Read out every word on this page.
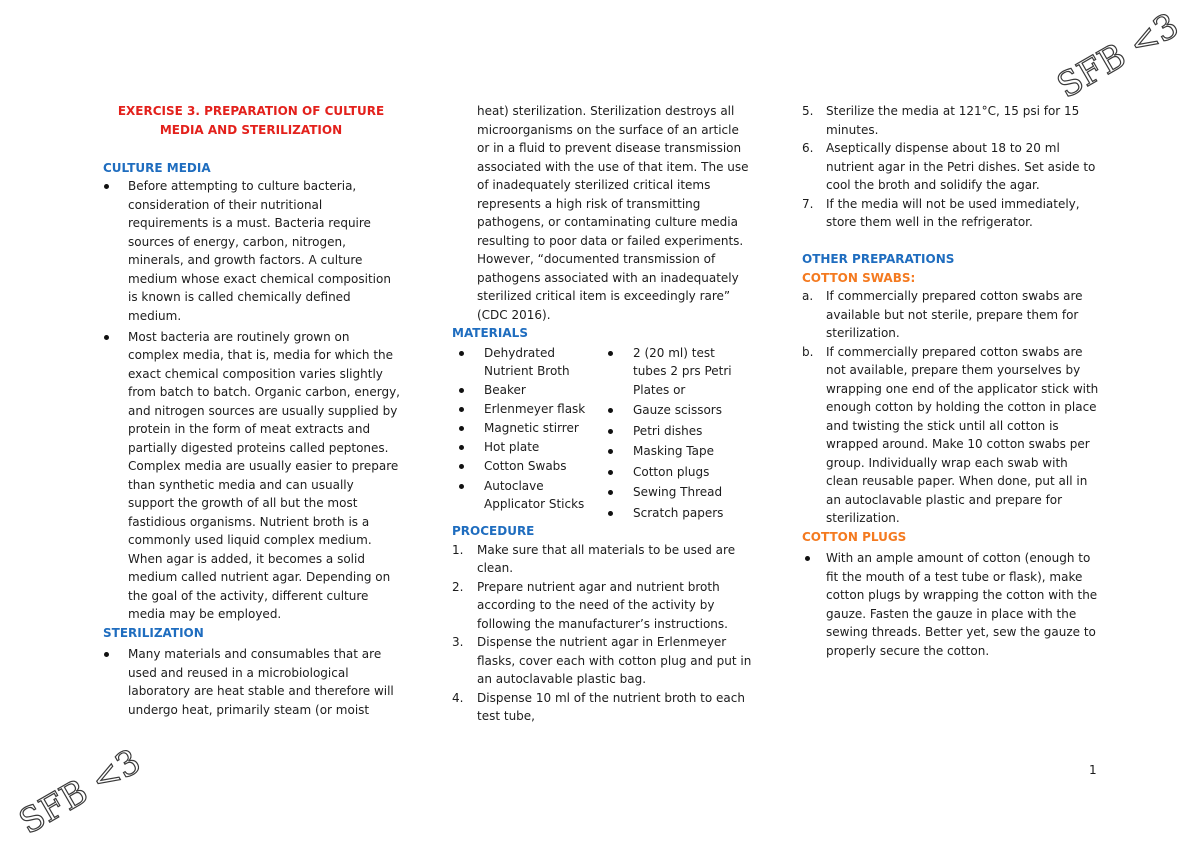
SFB <3
SFB <3
EXERCISE 3. PREPARATION OF CULTURE
MEDIA AND STERILIZATION
CULTURE MEDIA
Before attempting to culture bacteria, consideration of their nutritional requirements is a must. Bacteria require sources of energy, carbon, nitrogen, minerals, and growth factors. A culture medium whose exact chemical composition is known is called chemically defined medium.
Most bacteria are routinely grown on complex media, that is, media for which the exact chemical composition varies slightly from batch to batch. Organic carbon, energy, and nitrogen sources are usually supplied by protein in the form of meat extracts and partially digested proteins called peptones. Complex media are usually easier to prepare than synthetic media and can usually support the growth of all but the most fastidious organisms. Nutrient broth is a commonly used liquid complex medium. When agar is added, it becomes a solid medium called nutrient agar. Depending on the goal of the activity, different culture media may be employed.
STERILIZATION
Many materials and consumables that are used and reused in a microbiological laboratory are heat stable and therefore will undergo heat, primarily steam (or moist
heat) sterilization. Sterilization destroys all microorganisms on the surface of an article or in a fluid to prevent disease transmission associated with the use of that item. The use of inadequately sterilized critical items represents a high risk of transmitting pathogens, or contaminating culture media resulting to poor data or failed experiments. However, “documented transmission of pathogens associated with an inadequately sterilized critical item is exceedingly rare” (CDC 2016).
MATERIALS
Dehydrated Nutrient Broth
Beaker
Erlenmeyer flask
Magnetic stirrer
Hot plate
Cotton Swabs
Autoclave Applicator Sticks
2 (20 ml) test tubes 2 prs Petri Plates or
Gauze scissors
Petri dishes
Masking Tape
Cotton plugs
Sewing Thread
Scratch papers
PROCEDURE
1. Make sure that all materials to be used are clean.
2. Prepare nutrient agar and nutrient broth according to the need of the activity by following the manufacturer’s instructions.
3. Dispense the nutrient agar in Erlenmeyer flasks, cover each with cotton plug and put in an autoclavable plastic bag.
4. Dispense 10 ml of the nutrient broth to each test tube,
5. Sterilize the media at 121°C, 15 psi for 15 minutes.
6. Aseptically dispense about 18 to 20 ml nutrient agar in the Petri dishes. Set aside to cool the broth and solidify the agar.
7. If the media will not be used immediately, store them well in the refrigerator.
OTHER PREPARATIONS
COTTON SWABS:
a. If commercially prepared cotton swabs are available but not sterile, prepare them for sterilization.
b. If commercially prepared cotton swabs are not available, prepare them yourselves by wrapping one end of the applicator stick with enough cotton by holding the cotton in place and twisting the stick until all cotton is wrapped around. Make 10 cotton swabs per group. Individually wrap each swab with clean reusable paper. When done, put all in an autoclavable plastic and prepare for sterilization.
COTTON PLUGS
With an ample amount of cotton (enough to fit the mouth of a test tube or flask), make cotton plugs by wrapping the cotton with the gauze. Fasten the gauze in place with the sewing threads. Better yet, sew the gauze to properly secure the cotton.
1
